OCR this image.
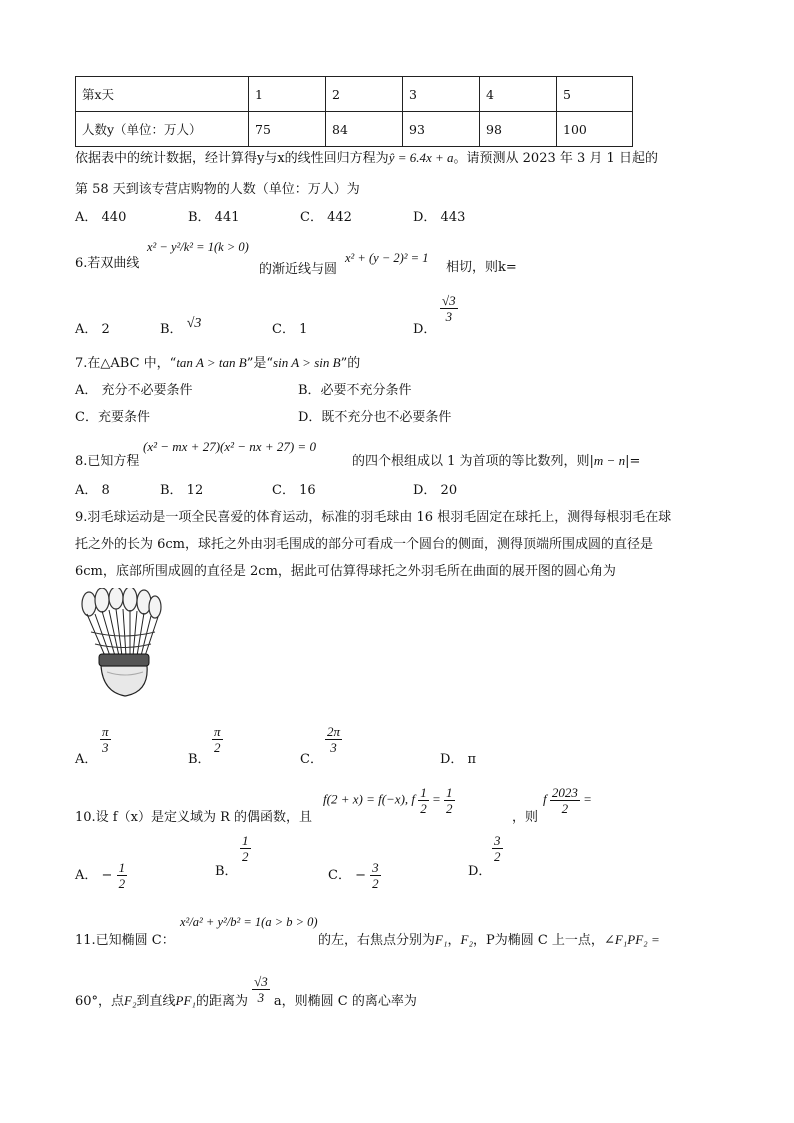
第x天	1	2	3	4	5
人数y（单位：万人）	75	84	93	98	100
依据表中的统计数据，经计算得y与x的线性回归方程为ŷ = 6.4x + a。请预测从 2023 年 3 月 1 日起的
第 58 天到该专营店购物的人数（单位：万人）为
A． 440	B． 441	C． 442	D． 443
6.若双曲线
x² − y²/k² = 1(k > 0)
的渐近线与圆
x² + (y − 2)² = 1
相切，则k=
A． 2	B． √3	C． 1	D．
$\frac{√3}{3}$
7.在△ABC 中，“tan A > tan B”是“sin A > sin B”的
A． 充分不必要条件	B．必要不充分条件
C．充要条件	D．既不充分也不必要条件
8.已知方程
(x² − mx + 27)(x² − nx + 27) = 0
的四个根组成以 1 为首项的等比数列，则|m − n|=
A． 8	B． 12	C． 16	D． 20
9.羽毛球运动是一项全民喜爱的体育运动，标准的羽毛球由 16 根羽毛固定在球托上，测得每根羽毛在球
托之外的长为 6cm，球托之外由羽毛围成的部分可看成一个圆台的侧面，测得顶端所围成圆的直径是
6cm，底部所围成圆的直径是 2cm，据此可估算得球托之外羽毛所在曲面的展开图的圆心角为
A．
$\frac{\pi}{3}$
B．
$\frac{\pi}{2}$
C．
$\frac{2\pi}{3}$
D． π
10.设 f（x）是定义域为 R 的偶函数，且
f(2 + x) = f(−x), f $\frac{1}{2} = \frac{1}{2}$
，则
f $\frac{2023}{2}$ =
A． − $\frac{1}{2}$	B．
$\frac{1}{2}$
C． − $\frac{3}{2}$	D．
$\frac{3}{2}$
11.已知椭圆 C：
x²/a² + y²/b² = 1(a > b > 0)
的左，右焦点分别为F₁，F₂，P为椭圆 C 上一点，∠F₁PF₂ =
60°，点F₂到直线PF₁的距离为 $\frac{√3}{3}$ a，则椭圆 C 的离心率为
